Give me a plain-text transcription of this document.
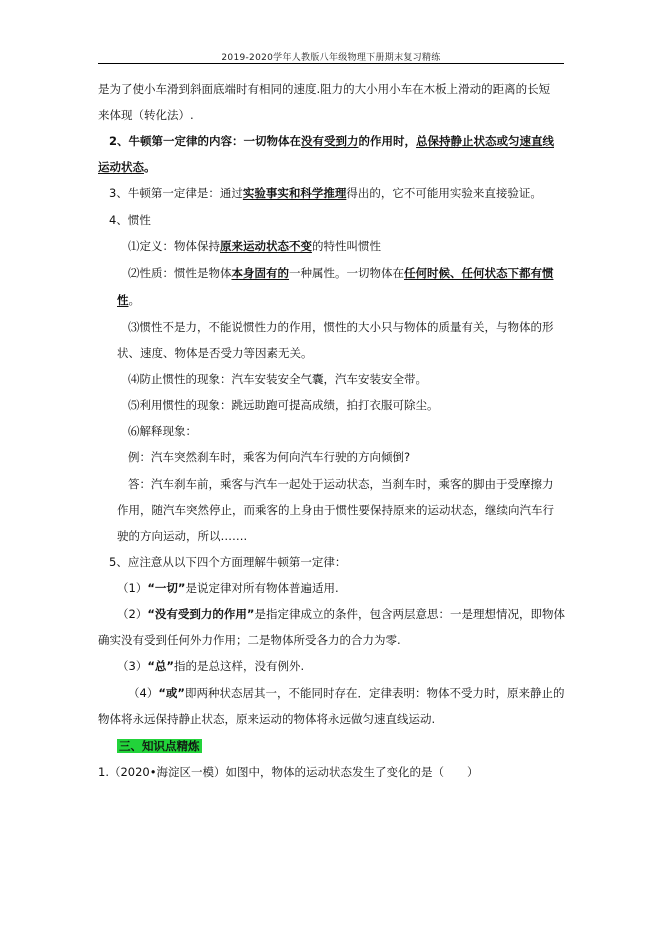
2019-2020学年人教版八年级物理下册期末复习精练
是为了使小车滑到斜面底端时有相同的速度.阻力的大小用小车在木板上滑动的距离的长短
来体现（转化法）.
2、牛顿第一定律的内容：一切物体在没有受到力的作用时，总保持静止状态或匀速直线
运动状态。
3、牛顿第一定律是：通过实验事实和科学推理得出的，它不可能用实验来直接验证。
4、惯性
⑴定义：物体保持原来运动状态不变的特性叫惯性
⑵性质：惯性是物体本身固有的一种属性。一切物体在任何时候、任何状态下都有惯
性。
⑶惯性不是力，不能说惯性力的作用，惯性的大小只与物体的质量有关，与物体的形
状、速度、物体是否受力等因素无关。
⑷防止惯性的现象：汽车安装安全气囊，汽车安装安全带。
⑸利用惯性的现象：跳远助跑可提高成绩，拍打衣服可除尘。
⑹解释现象：
例：汽车突然刹车时，乘客为何向汽车行驶的方向倾倒?
答：汽车刹车前，乘客与汽车一起处于运动状态，当刹车时，乘客的脚由于受摩擦力
作用，随汽车突然停止，而乘客的上身由于惯性要保持原来的运动状态，继续向汽车行
驶的方向运动，所以…….
5、应注意从以下四个方面理解牛顿第一定律：
（1）“一切”是说定律对所有物体普遍适用.
（2）“没有受到力的作用”是指定律成立的条件，包含两层意思：一是理想情况，即物体
确实没有受到任何外力作用；二是物体所受各力的合力为零.
（3）“总”指的是总这样，没有例外.
（4）“或”即两种状态居其一，不能同时存在．定律表明：物体不受力时，原来静止的
物体将永远保持静止状态，原来运动的物体将永远做匀速直线运动.
三、知识点精炼
1.（2020•海淀区一模）如图中，物体的运动状态发生了变化的是（　　）
